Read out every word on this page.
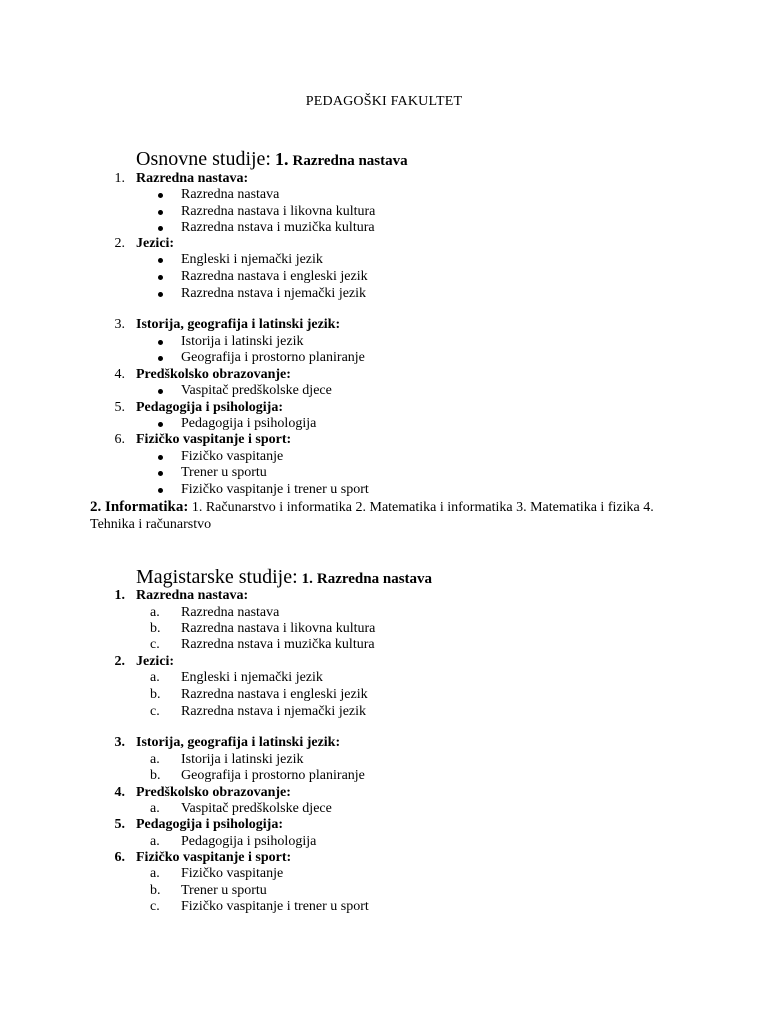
PEDAGOŠKI FAKULTET
Osnovne studije: 1. Razredna nastava
1. Razredna nastava:
Razredna nastava
Razredna nastava i likovna kultura
Razredna nstava i muzička kultura
2. Jezici:
Engleski i njemački jezik
Razredna nastava i engleski jezik
Razredna nstava i njemački jezik
3. Istorija, geografija i latinski jezik:
Istorija i latinski jezik
Geografija i prostorno planiranje
4. Predškolsko obrazovanje:
Vaspitač predškolske djece
5. Pedagogija i psihologija:
Pedagogija i psihologija
6. Fizičko vaspitanje i sport:
Fizičko vaspitanje
Trener u sportu
Fizičko vaspitanje i trener u sport
2. Informatika: 1. Računarstvo i informatika 2. Matematika i informatika 3. Matematika i fizika 4. Tehnika i računarstvo
Magistarske studije: 1. Razredna nastava
1. Razredna nastava:
a.	Razredna nastava
b.	Razredna nastava i likovna kultura
c.	Razredna nstava i muzička kultura
2. Jezici:
a.	Engleski i njemački jezik
b.	Razredna nastava i engleski jezik
c.	Razredna nstava i njemački jezik
3. Istorija, geografija i latinski jezik:
a.	Istorija i latinski jezik
b.	Geografija i prostorno planiranje
4. Predškolsko obrazovanje:
a.	Vaspitač predškolske djece
5. Pedagogija i psihologija:
a.	Pedagogija i psihologija
6. Fizičko vaspitanje i sport:
a.	Fizičko vaspitanje
b.	Trener u sportu
c.	Fizičko vaspitanje i trener u sport
